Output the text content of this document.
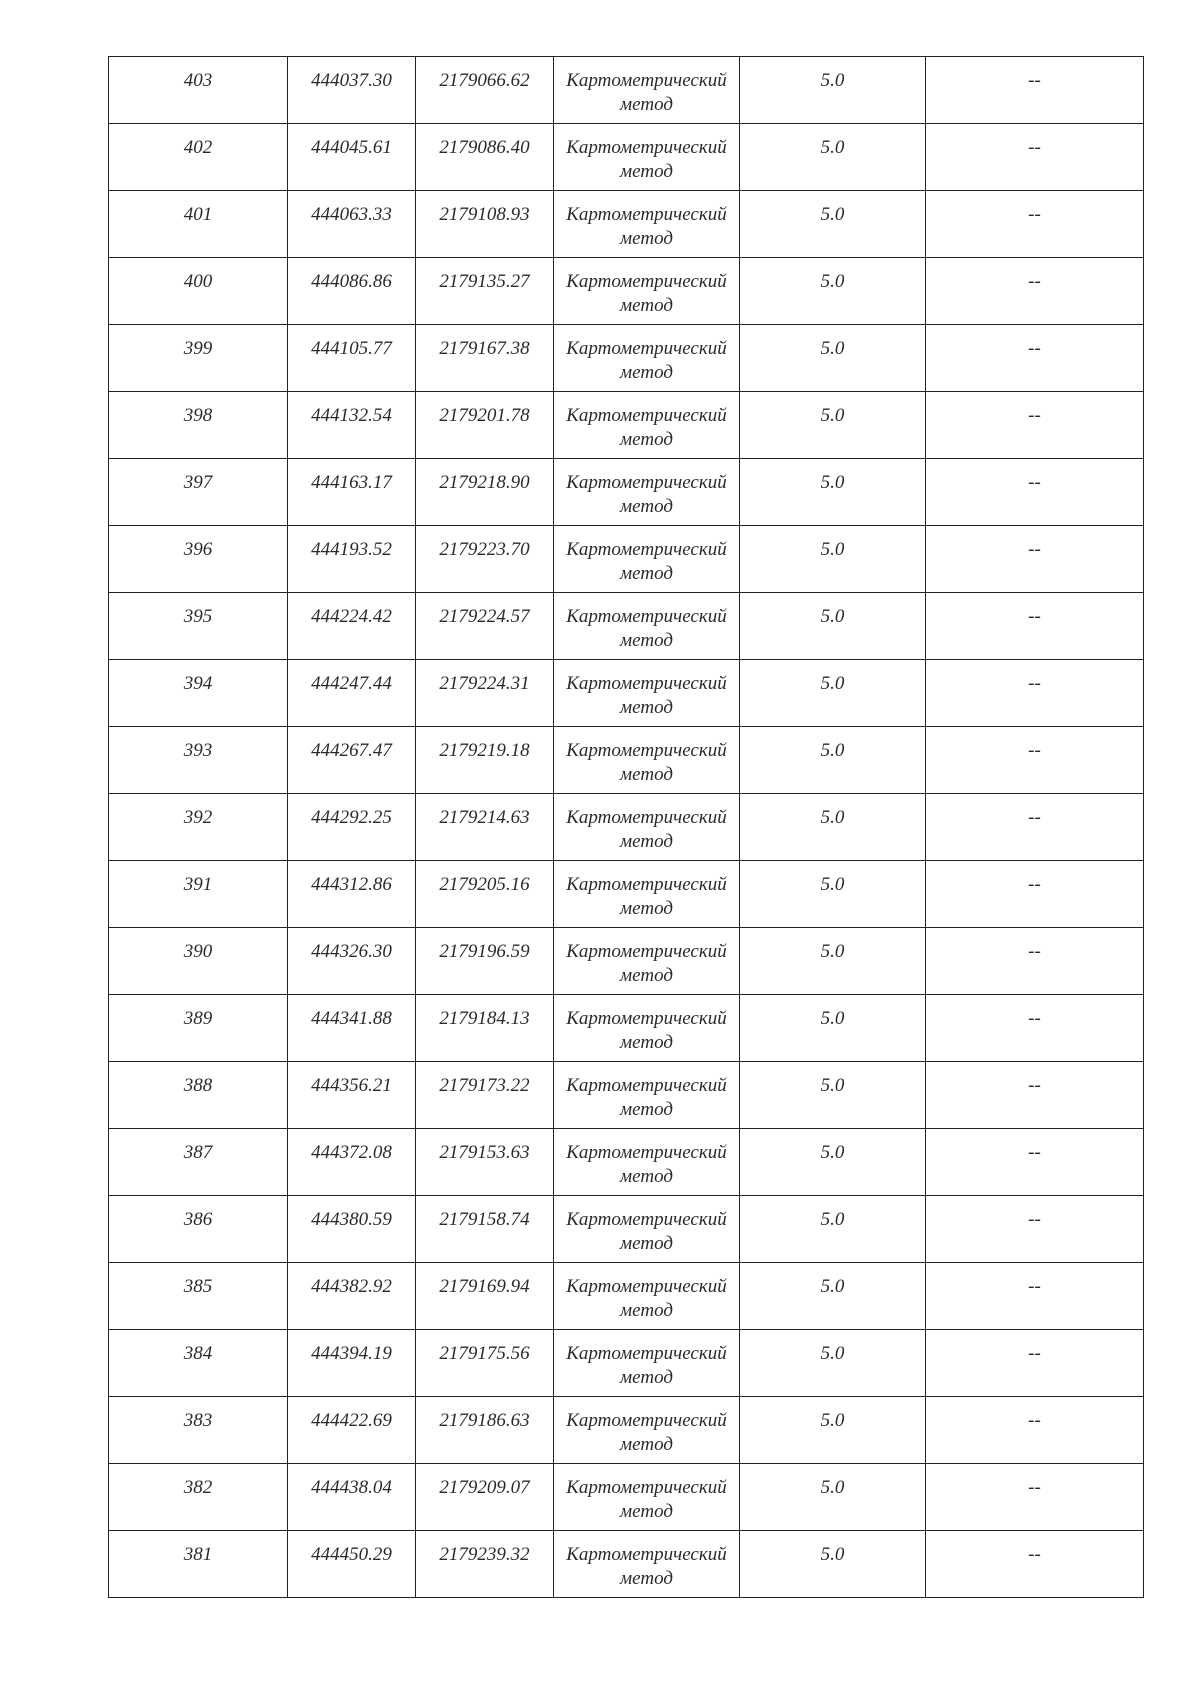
403	444037.30	2179066.62	Картометрический
метод	5.0	--

402	444045.61	2179086.40	Картометрический
метод	5.0	--

401	444063.33	2179108.93	Картометрический
метод	5.0	--

400	444086.86	2179135.27	Картометрический
метод	5.0	--

399	444105.77	2179167.38	Картометрический
метод	5.0	--

398	444132.54	2179201.78	Картометрический
метод	5.0	--

397	444163.17	2179218.90	Картометрический
метод	5.0	--

396	444193.52	2179223.70	Картометрический
метод	5.0	--

395	444224.42	2179224.57	Картометрический
метод	5.0	--

394	444247.44	2179224.31	Картометрический
метод	5.0	--

393	444267.47	2179219.18	Картометрический
метод	5.0	--

392	444292.25	2179214.63	Картометрический
метод	5.0	--

391	444312.86	2179205.16	Картометрический
метод	5.0	--

390	444326.30	2179196.59	Картометрический
метод	5.0	--

389	444341.88	2179184.13	Картометрический
метод	5.0	--

388	444356.21	2179173.22	Картометрический
метод	5.0	--

387	444372.08	2179153.63	Картометрический
метод	5.0	--

386	444380.59	2179158.74	Картометрический
метод	5.0	--

385	444382.92	2179169.94	Картометрический
метод	5.0	--

384	444394.19	2179175.56	Картометрический
метод	5.0	--

383	444422.69	2179186.63	Картометрический
метод	5.0	--

382	444438.04	2179209.07	Картометрический
метод	5.0	--

381	444450.29	2179239.32	Картометрический
метод	5.0	--
